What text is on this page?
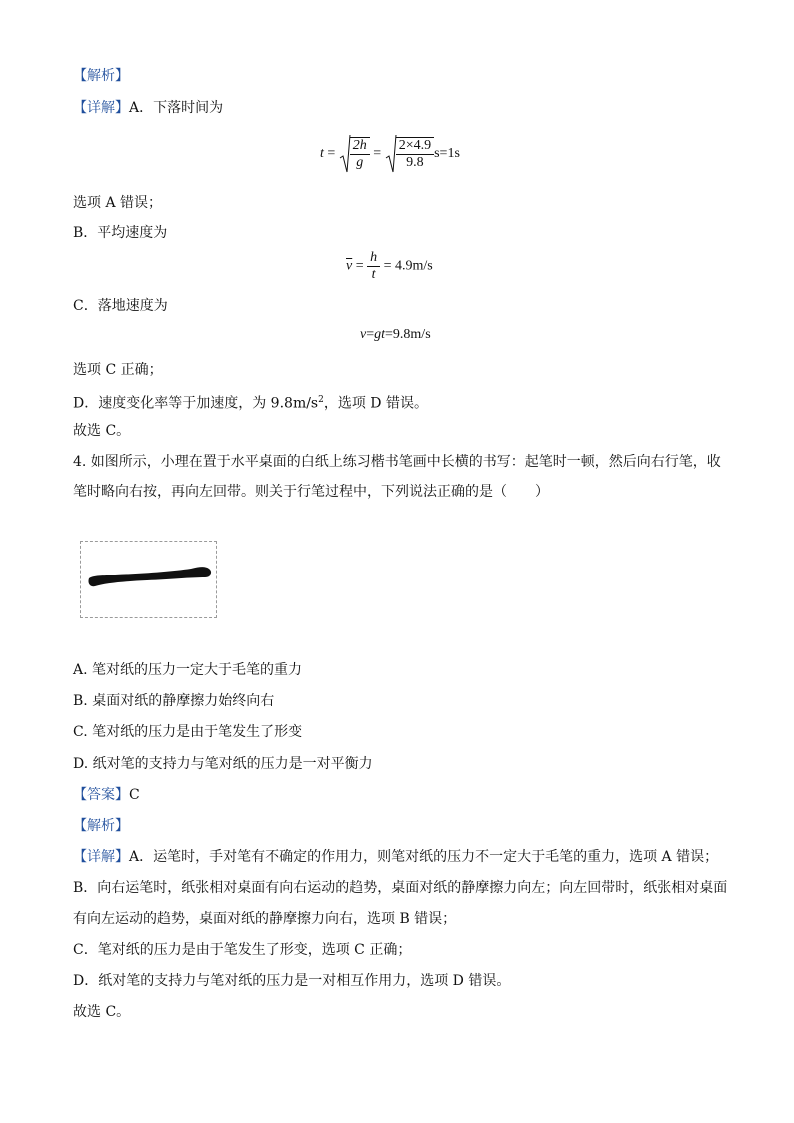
【解析】
【详解】A．下落时间为
$t = \frac{2h}{g} = \frac{2\times 4.9}{9.8} s=1s$
选项 A 错误；
B．平均速度为
$\overline{v} = \frac{h}{t} = 4.9m/s$
C．落地速度为
v=gt=9.8m/s
选项 C 正确；
D．速度变化率等于加速度，为 $9.8m/s^2$，选项 D 错误。
故选 C。
4. 如图所示，小理在置于水平桌面的白纸上练习楷书笔画中长横的书写：起笔时一顿，然后向右行笔，收
笔时略向右按，再向左回带。则关于行笔过程中，下列说法正确的是（　　）
A. 笔对纸的压力一定大于毛笔的重力
B. 桌面对纸的静摩擦力始终向右
C. 笔对纸的压力是由于笔发生了形变
D. 纸对笔的支持力与笔对纸的压力是一对平衡力
【答案】C
【解析】
【详解】A．运笔时，手对笔有不确定的作用力，则笔对纸的压力不一定大于毛笔的重力，选项 A 错误；
B．向右运笔时，纸张相对桌面有向右运动的趋势，桌面对纸的静摩擦力向左；向左回带时，纸张相对桌面
有向左运动的趋势，桌面对纸的静摩擦力向右，选项 B 错误；
C．笔对纸的压力是由于笔发生了形变，选项 C 正确；
D．纸对笔的支持力与笔对纸的压力是一对相互作用力，选项 D 错误。
故选 C。
